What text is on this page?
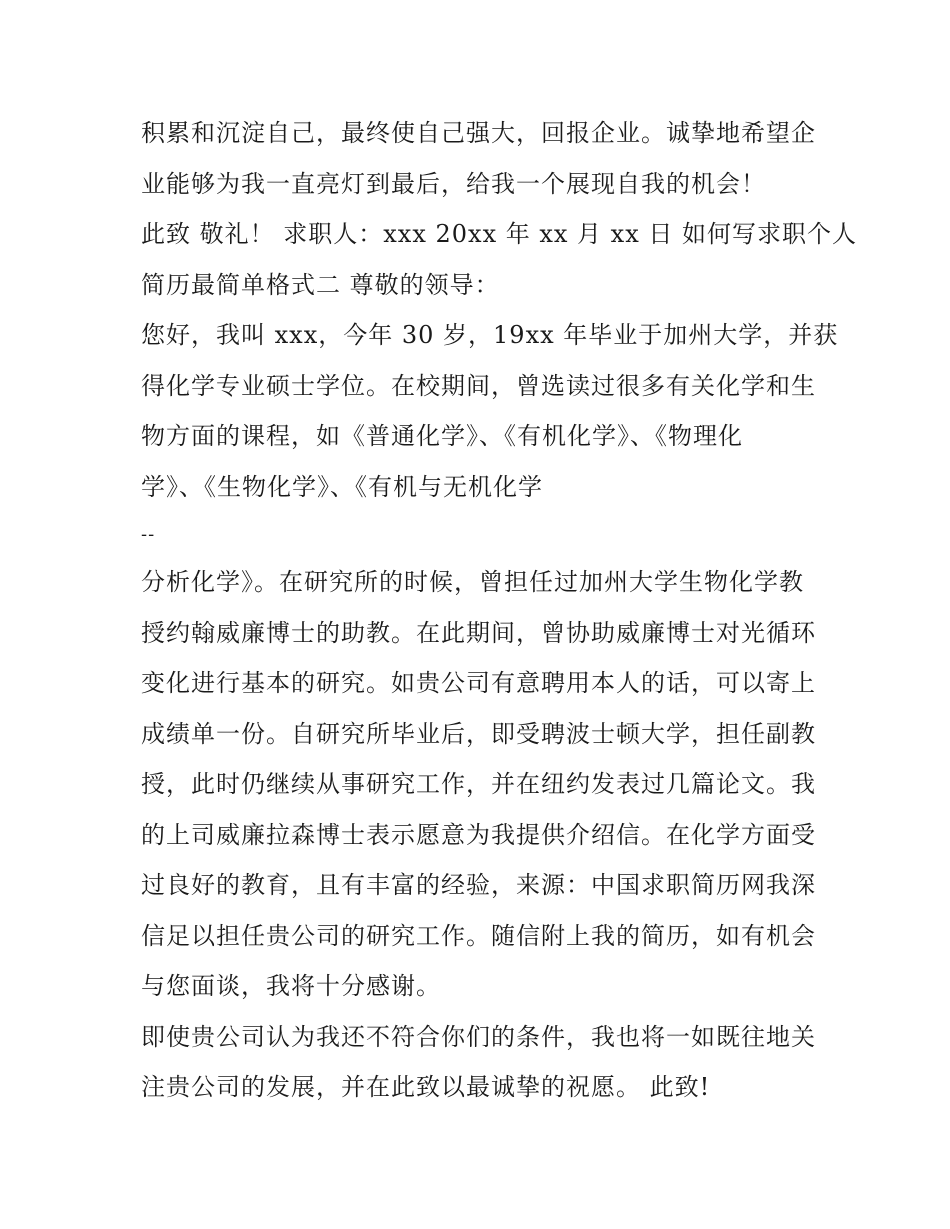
积累和沉淀自己，最终使自己强大，回报企业。诚挚地希望企
业能够为我一直亮灯到最后，给我一个展现自我的机会！
此致 敬礼！ 求职人：xxx 20xx 年 xx 月 xx 日 如何写求职个人
简历最简单格式二 尊敬的领导：
您好，我叫 xxx，今年 30 岁，19xx 年毕业于加州大学，并获
得化学专业硕士学位。在校期间，曾选读过很多有关化学和生
物方面的课程，如《普通化学》、《有机化学》、《物理化
学》、《生物化学》、《有机与无机化学
--
分析化学》。在研究所的时候，曾担任过加州大学生物化学教
授约翰威廉博士的助教。在此期间，曾协助威廉博士对光循环
变化进行基本的研究。如贵公司有意聘用本人的话，可以寄上
成绩单一份。自研究所毕业后，即受聘波士顿大学，担任副教
授，此时仍继续从事研究工作，并在纽约发表过几篇论文。我
的上司威廉拉森博士表示愿意为我提供介绍信。在化学方面受
过良好的教育，且有丰富的经验，来源：中国求职简历网我深
信足以担任贵公司的研究工作。随信附上我的简历，如有机会
与您面谈，我将十分感谢。
即使贵公司认为我还不符合你们的条件，我也将一如既往地关
注贵公司的发展，并在此致以最诚挚的祝愿。 此致!
